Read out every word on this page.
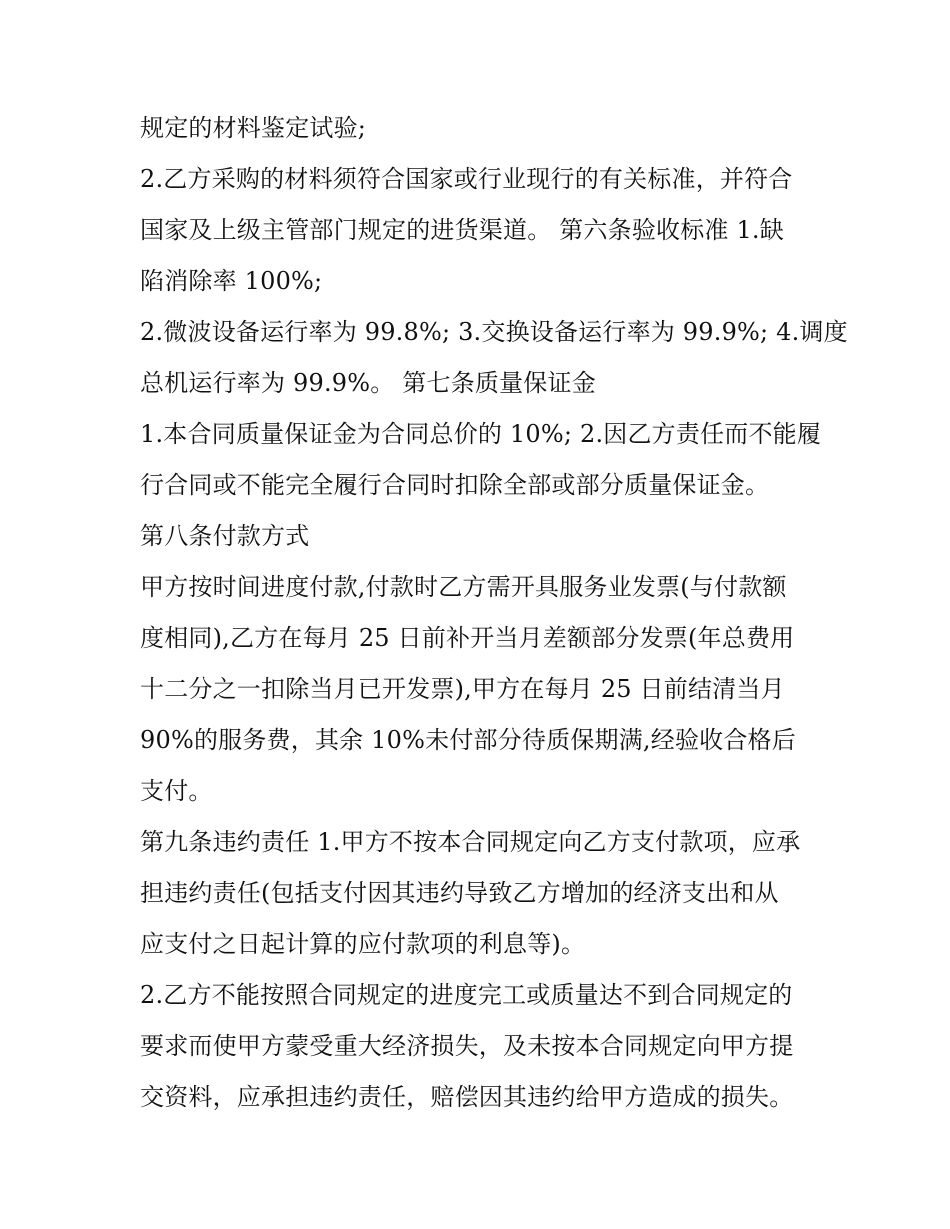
规定的材料鉴定试验;
2.乙方采购的材料须符合国家或行业现行的有关标准，并符合
国家及上级主管部门规定的进货渠道。 第六条验收标准 1.缺
陷消除率 100%;
2.微波设备运行率为 99.8%; 3.交换设备运行率为 99.9%; 4.调度
总机运行率为 99.9%。 第七条质量保证金
1.本合同质量保证金为合同总价的 10%; 2.因乙方责任而不能履
行合同或不能完全履行合同时扣除全部或部分质量保证金。
第八条付款方式
甲方按时间进度付款,付款时乙方需开具服务业发票(与付款额
度相同),乙方在每月 25 日前补开当月差额部分发票(年总费用
十二分之一扣除当月已开发票),甲方在每月 25 日前结清当月
90%的服务费，其余 10%未付部分待质保期满,经验收合格后
支付。
第九条违约责任 1.甲方不按本合同规定向乙方支付款项，应承
担违约责任(包括支付因其违约导致乙方增加的经济支出和从
应支付之日起计算的应付款项的利息等)。
2.乙方不能按照合同规定的进度完工或质量达不到合同规定的
要求而使甲方蒙受重大经济损失，及未按本合同规定向甲方提
交资料，应承担违约责任，赔偿因其违约给甲方造成的损失。
